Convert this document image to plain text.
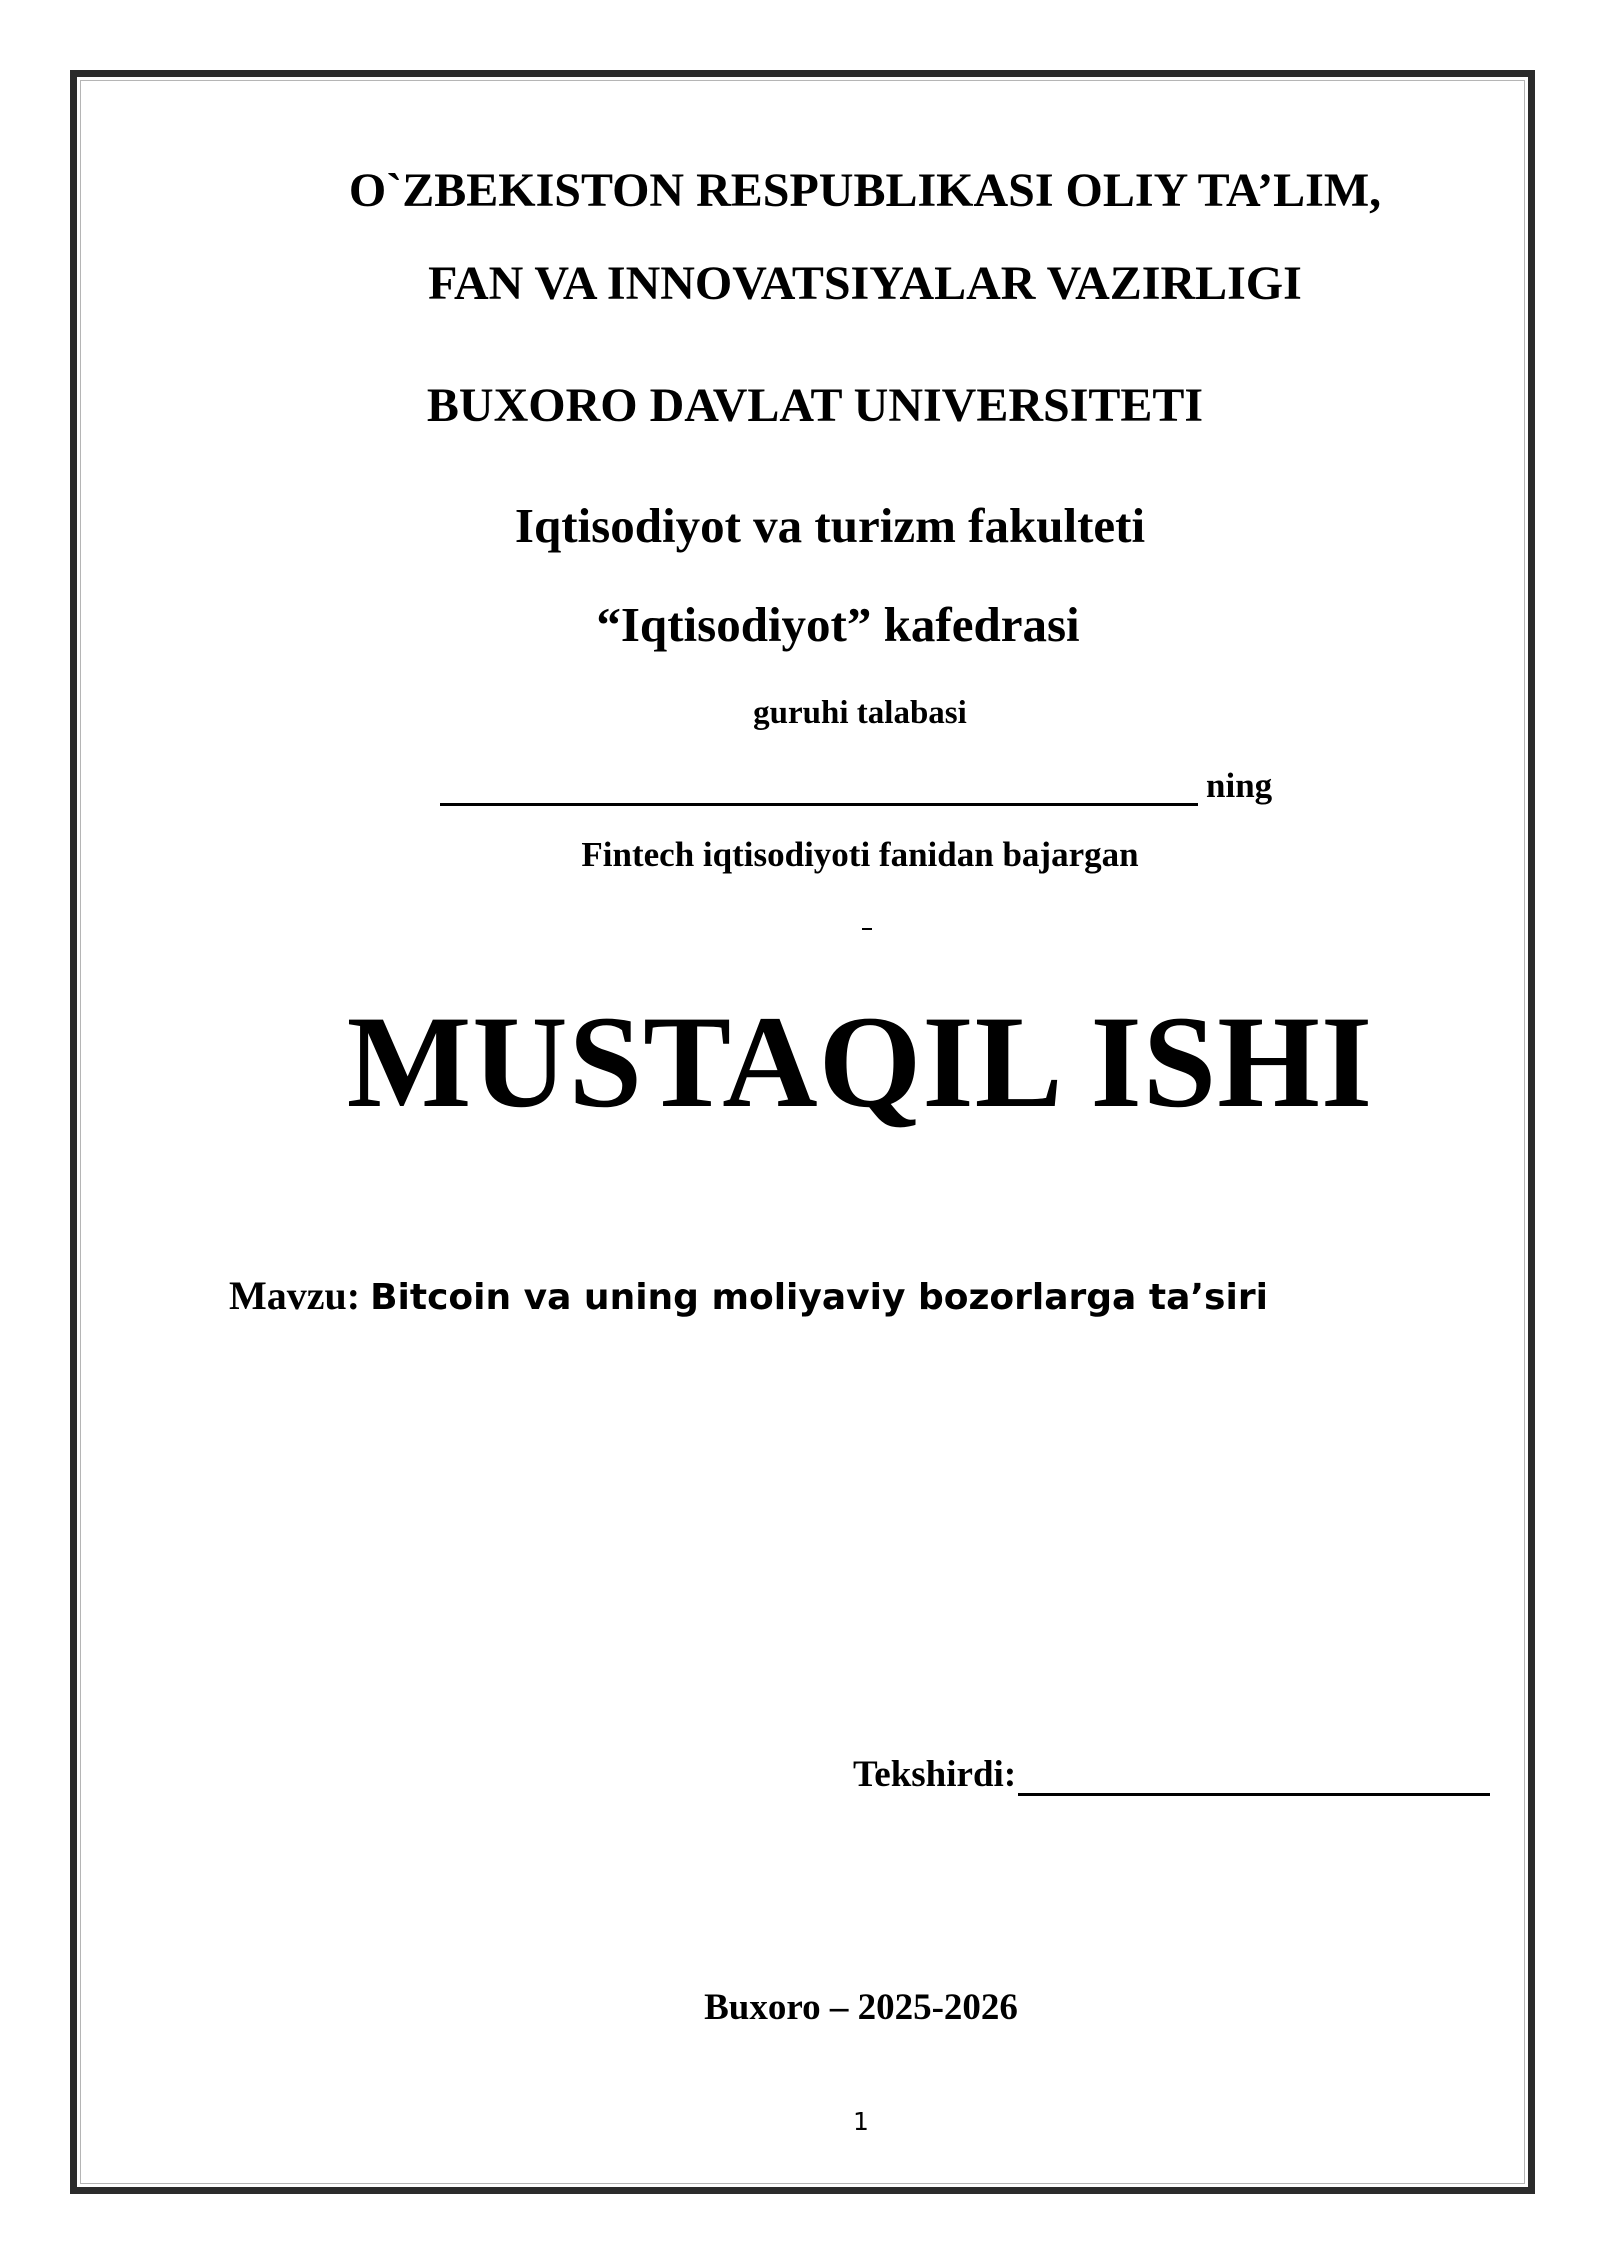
O`ZBEKISTON RESPUBLIKASI OLIY TA’LIM,
FAN VA INNOVATSIYALAR VAZIRLIGI
BUXORO DAVLAT UNIVERSITETI
Iqtisodiyot va turizm fakulteti
“Iqtisodiyot” kafedrasi
guruhi talabasi
ning
Fintech iqtisodiyoti fanidan bajargan
MUSTAQIL ISHI
Mavzu: Bitcoin va uning moliyaviy bozorlarga ta’siri
Tekshirdi:
Buxoro – 2025-2026
1
